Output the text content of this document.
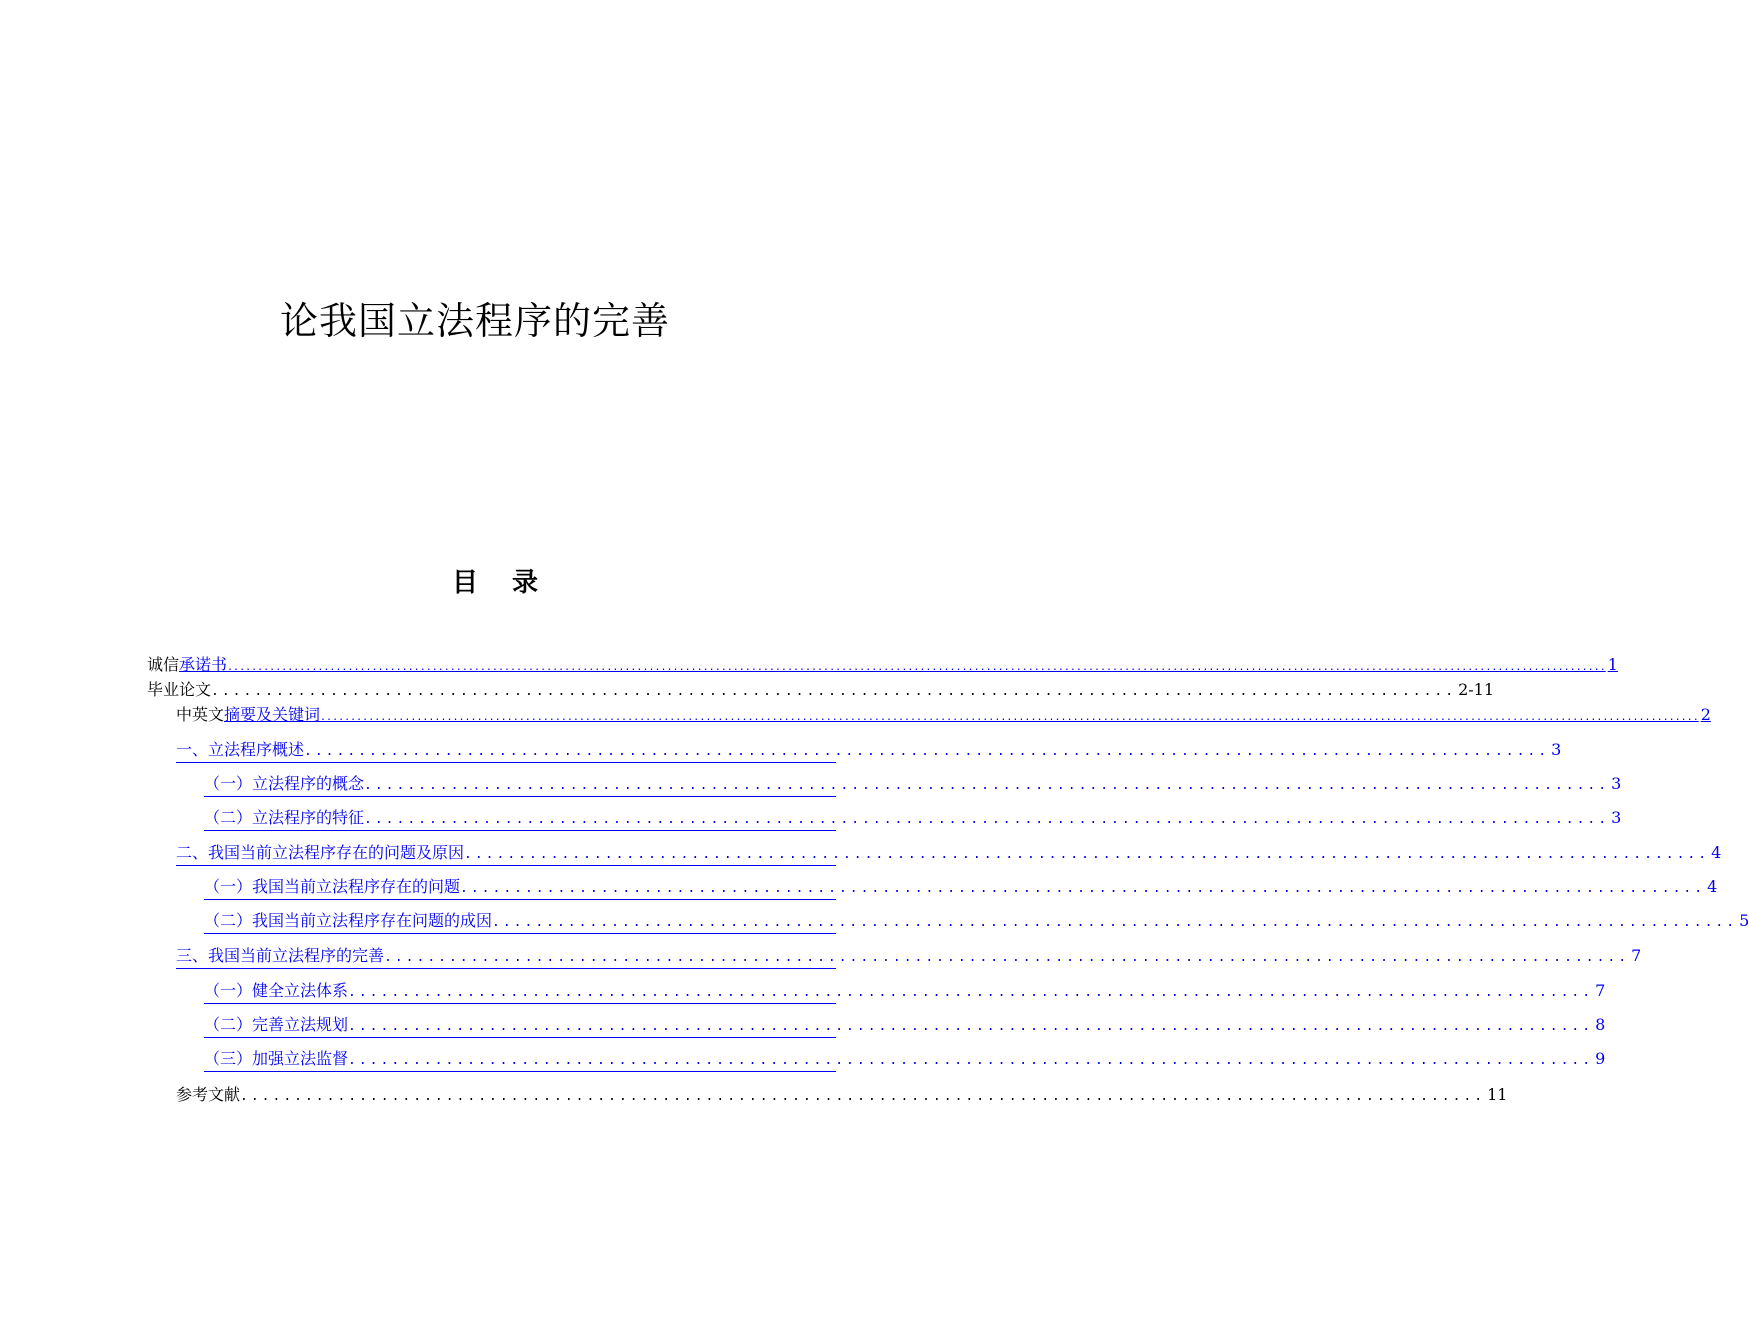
论我国立法程序的完善
目 录
诚信 承诺书 ..................................................................................................................................................................................................................................... 1
毕业论文 ................................................................................................................... 2-11
中英文 摘要及关键词 ..................................................................................................................................................................................................................................... 2
一、立法程序概述 ................................................................................................................... 3
（一）立法程序的概念 ................................................................................................................... 3
（二）立法程序的特征 ................................................................................................................... 3
二、我国当前立法程序存在的问题及原因 ................................................................................................................... 4
（一）我国当前立法程序存在的问题 ................................................................................................................... 4
（二）我国当前立法程序存在问题的成因 ................................................................................................................... 5
三、我国当前立法程序的完善 ................................................................................................................... 7
（一）健全立法体系 ................................................................................................................... 7
（二）完善立法规划 ................................................................................................................... 8
（三）加强立法监督 ................................................................................................................... 9
参考文献 ................................................................................................................... 11
